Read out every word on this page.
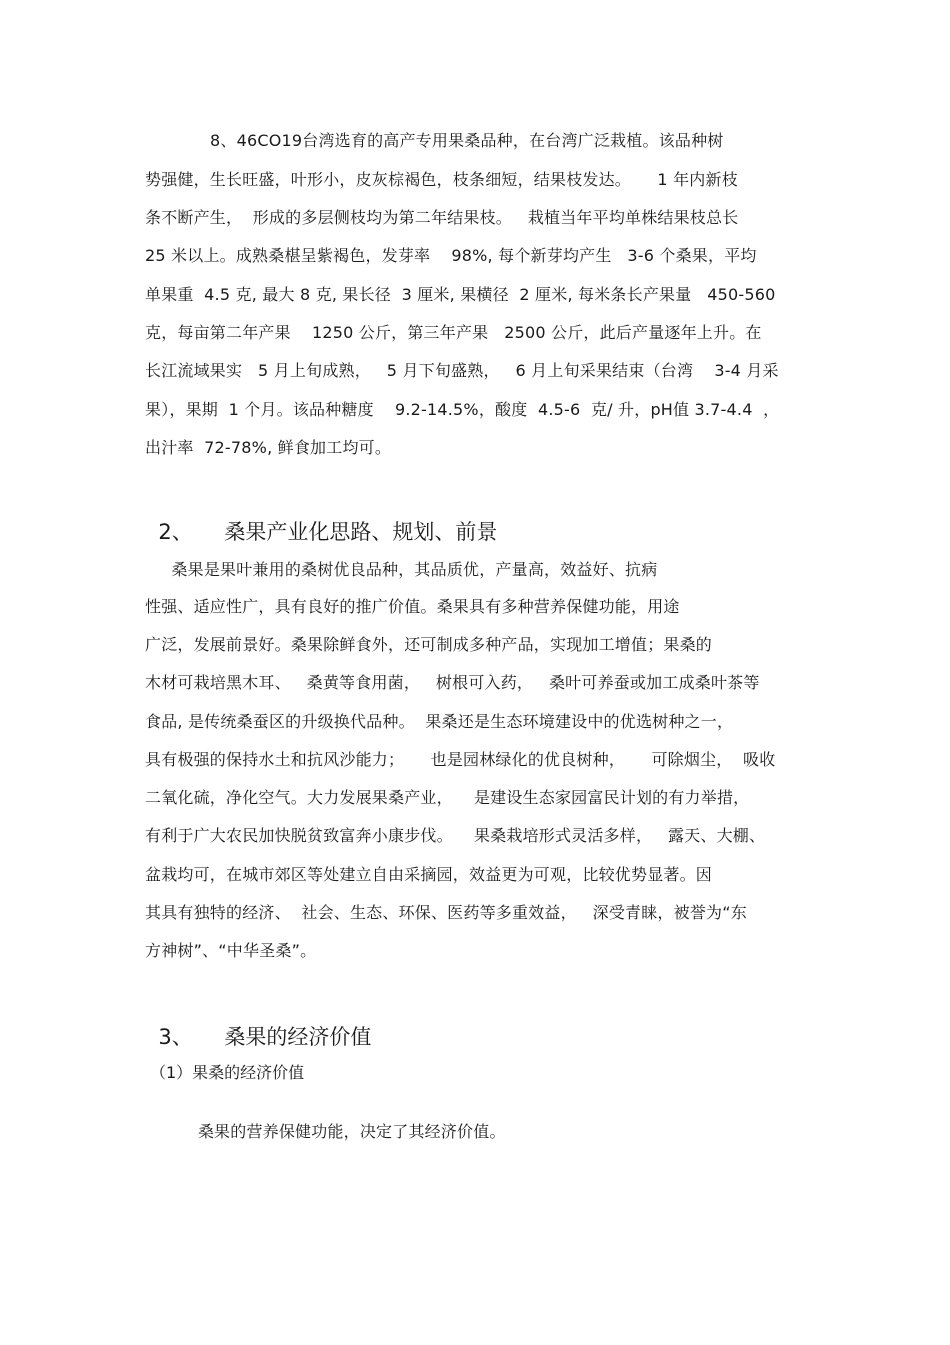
8、46CO19台湾选育的高产专用果桑品种，在台湾广泛栽植。该品种树
势强健，生长旺盛，叶形小，皮灰棕褐色，枝条细短，结果枝发达。     1 年内新枝
条不断产生，  形成的多层侧枝均为第二年结果枝。   栽植当年平均单株结果枝总长
25 米以上。成熟桑椹呈紫褐色，发芽率    98%, 每个新芽均产生   3-6 个桑果，平均
单果重  4.5 克, 最大 8 克, 果长径  3 厘米, 果横径  2 厘米, 每米条长产果量   450-560
克，每亩第二年产果    1250 公斤，第三年产果   2500 公斤，此后产量逐年上升。在
长江流域果实   5 月上旬成熟，   5 月下旬盛熟，   6 月上旬采果结束（台湾    3-4 月采
果），果期  1 个月。该品种糖度    9.2-14.5%，酸度  4.5-6  克/ 升，pH值 3.7-4.4  ，
出汁率  72-78%, 鲜食加工均可。

2、 桑果产业化思路、规划、前景

桑果是果叶兼用的桑树优良品种，其品质优，产量高，效益好、抗病
性强、适应性广，具有良好的推广价值。桑果具有多种营养保健功能，用途
广泛，发展前景好。桑果除鲜食外，还可制成多种产品，实现加工增值；果桑的
木材可栽培黑木耳、   桑黄等食用菌，   树根可入药，   桑叶可养蚕或加工成桑叶茶等
食品, 是传统桑蚕区的升级换代品种。  果桑还是生态环境建设中的优选树种之一，
具有极强的保持水土和抗风沙能力；     也是园林绿化的优良树种，     可除烟尘，  吸收
二氧化硫，净化空气。大力发展果桑产业，    是建设生态家园富民计划的有力举措，
有利于广大农民加快脱贫致富奔小康步伐。    果桑栽培形式灵活多样，   露天、大棚、
盆栽均可，在城市郊区等处建立自由采摘园，效益更为可观，比较优势显著。因
其具有独特的经济、  社会、生态、环保、医药等多重效益，   深受青睐，被誉为“东
方神树”、“中华圣桑”。

3、 桑果的经济价值

（1）果桑的经济价值
桑果的营养保健功能，决定了其经济价值。
